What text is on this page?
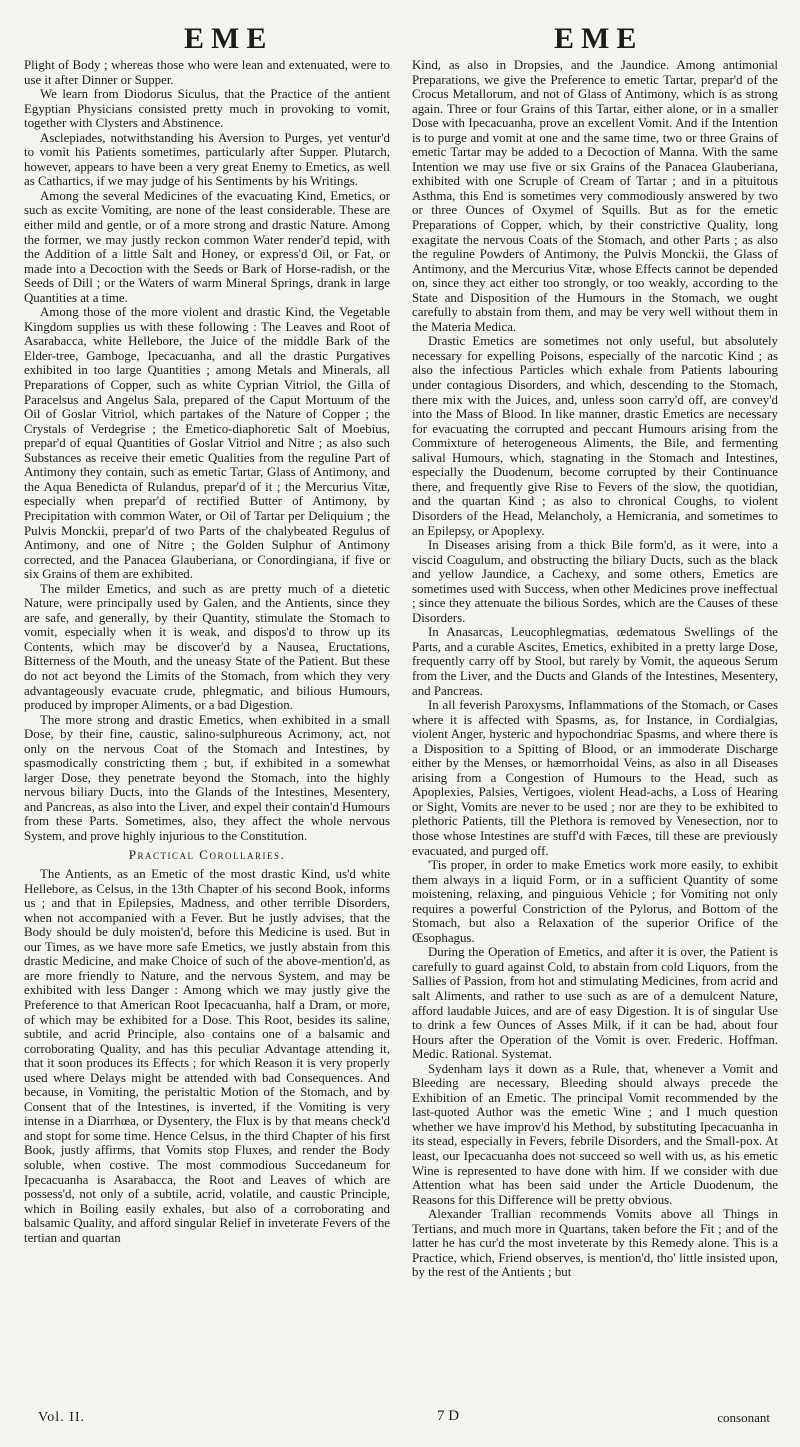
EME	EME

Plight of Body ; whereas those who were lean and extenuated, were to use it after Dinner or Supper.

We learn from Diodorus Siculus, that the Practice of the antient Egyptian Physicians consisted pretty much in provoking to vomit, together with Clysters and Abstinence.

Asclepiades, notwithstanding his Aversion to Purges, yet ventur'd to vomit his Patients sometimes, particularly after Supper. Plutarch, however, appears to have been a very great Enemy to Emetics, as well as Cathartics, if we may judge of his Sentiments by his Writings.

Among the several Medicines of the evacuating Kind, Emetics, or such as excite Vomiting, are none of the least considerable. These are either mild and gentle, or of a more strong and drastic Nature. Among the former, we may justly reckon common Water render'd tepid, with the Addition of a little Salt and Honey, or express'd Oil, or Fat, or made into a Decoction with the Seeds or Bark of Horse-radish, or the Seeds of Dill ; or the Waters of warm Mineral Springs, drank in large Quantities at a time.

Among those of the more violent and drastic Kind, the Vegetable Kingdom supplies us with these following : The Leaves and Root of Asarabacca, white Hellebore, the Juice of the middle Bark of the Elder-tree, Gamboge, Ipecacuanha, and all the drastic Purgatives exhibited in too large Quantities ; among Metals and Minerals, all Preparations of Copper, such as white Cyprian Vitriol, the Gilla of Paracelsus and Angelus Sala, prepared of the Caput Mortuum of the Oil of Goslar Vitriol, which partakes of the Nature of Copper ; the Crystals of Verdegrise ; the Emetico-diaphoretic Salt of Moebius, prepar'd of equal Quantities of Goslar Vitriol and Nitre ; as also such Substances as receive their emetic Qualities from the reguline Part of Antimony they contain, such as emetic Tartar, Glass of Antimony, and the Aqua Benedicta of Rulandus, prepar'd of it ; the Mercurius Vitæ, especially when prepar'd of rectified Butter of Antimony, by Precipitation with common Water, or Oil of Tartar per Deliquium ; the Pulvis Monckii, prepar'd of two Parts of the chalybeated Regulus of Antimony, and one of Nitre ; the Golden Sulphur of Antimony corrected, and the Panacea Glauberiana, or Conordingiana, if five or six Grains of them are exhibited.

The milder Emetics, and such as are pretty much of a dietetic Nature, were principally used by Galen, and the Antients, since they are safe, and generally, by their Quantity, stimulate the Stomach to vomit, especially when it is weak, and dispos'd to throw up its Contents, which may be discover'd by a Nausea, Eructations, Bitterness of the Mouth, and the uneasy State of the Patient. But these do not act beyond the Limits of the Stomach, from which they very advantageously evacuate crude, phlegmatic, and bilious Humours, produced by improper Aliments, or a bad Digestion.

The more strong and drastic Emetics, when exhibited in a small Dose, by their fine, caustic, salino-sulphureous Acrimony, act, not only on the nervous Coat of the Stomach and Intestines, by spasmodically constricting them ; but, if exhibited in a somewhat larger Dose, they penetrate beyond the Stomach, into the highly nervous biliary Ducts, into the Glands of the Intestines, Mesentery, and Pancreas, as also into the Liver, and expel their contain'd Humours from these Parts. Sometimes, also, they affect the whole nervous System, and prove highly injurious to the Constitution.

Practical Corollaries.

The Antients, as an Emetic of the most drastic Kind, us'd white Hellebore, as Celsus, in the 13th Chapter of his second Book, informs us ; and that in Epilepsies, Madness, and other terrible Disorders, when not accompanied with a Fever. But he justly advises, that the Body should be duly moisten'd, before this Medicine is used. But in our Times, as we have more safe Emetics, we justly abstain from this drastic Medicine, and make Choice of such of the above-mention'd, as are more friendly to Nature, and the nervous System, and may be exhibited with less Danger : Among which we may justly give the Preference to that American Root Ipecacuanha, half a Dram, or more, of which may be exhibited for a Dose. This Root, besides its saline, subtile, and acrid Principle, also contains one of a balsamic and corroborating Quality, and has this peculiar Advantage attending it, that it soon produces its Effects ; for which Reason it is very properly used where Delays might be attended with bad Consequences. And because, in Vomiting, the peristaltic Motion of the Stomach, and by Consent that of the Intestines, is inverted, if the Vomiting is very intense in a Diarrhœa, or Dysentery, the Flux is by that means check'd and stopt for some time. Hence Celsus, in the third Chapter of his first Book, justly affirms, that Vomits stop Fluxes, and render the Body soluble, when costive. The most commodious Succedaneum for Ipecacuanha is Asarabacca, the Root and Leaves of which are possess'd, not only of a subtile, acrid, volatile, and caustic Principle, which in Boiling easily exhales, but also of a corroborating and balsamic Quality, and afford singular Relief in inveterate Fevers of the tertian and quartan

Kind, as also in Dropsies, and the Jaundice. Among antimonial Preparations, we give the Preference to emetic Tartar, prepar'd of the Crocus Metallorum, and not of Glass of Antimony, which is as strong again. Three or four Grains of this Tartar, either alone, or in a smaller Dose with Ipecacuanha, prove an excellent Vomit. And if the Intention is to purge and vomit at one and the same time, two or three Grains of emetic Tartar may be added to a Decoction of Manna. With the same Intention we may use five or six Grains of the Panacea Glauberiana, exhibited with one Scruple of Cream of Tartar ; and in a pituitous Asthma, this End is sometimes very commodiously answered by two or three Ounces of Oxymel of Squills. But as for the emetic Preparations of Copper, which, by their constrictive Quality, long exagitate the nervous Coats of the Stomach, and other Parts ; as also the reguline Powders of Antimony, the Pulvis Monckii, the Glass of Antimony, and the Mercurius Vitæ, whose Effects cannot be depended on, since they act either too strongly, or too weakly, according to the State and Disposition of the Humours in the Stomach, we ought carefully to abstain from them, and may be very well without them in the Materia Medica.

Drastic Emetics are sometimes not only useful, but absolutely necessary for expelling Poisons, especially of the narcotic Kind ; as also the infectious Particles which exhale from Patients labouring under contagious Disorders, and which, descending to the Stomach, there mix with the Juices, and, unless soon carry'd off, are convey'd into the Mass of Blood. In like manner, drastic Emetics are necessary for evacuating the corrupted and peccant Humours arising from the Commixture of heterogeneous Aliments, the Bile, and fermenting salival Humours, which, stagnating in the Stomach and Intestines, especially the Duodenum, become corrupted by their Continuance there, and frequently give Rise to Fevers of the slow, the quotidian, and the quartan Kind ; as also to chronical Coughs, to violent Disorders of the Head, Melancholy, a Hemicrania, and sometimes to an Epilepsy, or Apoplexy.

In Diseases arising from a thick Bile form'd, as it were, into a viscid Coagulum, and obstructing the biliary Ducts, such as the black and yellow Jaundice, a Cachexy, and some others, Emetics are sometimes used with Success, when other Medicines prove ineffectual ; since they attenuate the bilious Sordes, which are the Causes of these Disorders.

In Anasarcas, Leucophlegmatias, œdematous Swellings of the Parts, and a curable Ascites, Emetics, exhibited in a pretty large Dose, frequently carry off by Stool, but rarely by Vomit, the aqueous Serum from the Liver, and the Ducts and Glands of the Intestines, Mesentery, and Pancreas.

In all feverish Paroxysms, Inflammations of the Stomach, or Cases where it is affected with Spasms, as, for Instance, in Cordialgias, violent Anger, hysteric and hypochondriac Spasms, and where there is a Disposition to a Spitting of Blood, or an immoderate Discharge either by the Menses, or hæmorrhoidal Veins, as also in all Diseases arising from a Congestion of Humours to the Head, such as Apoplexies, Palsies, Vertigoes, violent Head-achs, a Loss of Hearing or Sight, Vomits are never to be used ; nor are they to be exhibited to plethoric Patients, till the Plethora is removed by Venesection, nor to those whose Intestines are stuff'd with Fæces, till these are previously evacuated, and purged off.

'Tis proper, in order to make Emetics work more easily, to exhibit them always in a liquid Form, or in a sufficient Quantity of some moistening, relaxing, and pinguious Vehicle ; for Vomiting not only requires a powerful Constriction of the Pylorus, and Bottom of the Stomach, but also a Relaxation of the superior Orifice of the Œsophagus.

During the Operation of Emetics, and after it is over, the Patient is carefully to guard against Cold, to abstain from cold Liquors, from the Sallies of Passion, from hot and stimulating Medicines, from acrid and salt Aliments, and rather to use such as are of a demulcent Nature, afford laudable Juices, and are of easy Digestion. It is of singular Use to drink a few Ounces of Asses Milk, if it can be had, about four Hours after the Operation of the Vomit is over. Frederic. Hoffman. Medic. Rational. Systemat.

Sydenham lays it down as a Rule, that, whenever a Vomit and Bleeding are necessary, Bleeding should always precede the Exhibition of an Emetic. The principal Vomit recommended by the last-quoted Author was the emetic Wine ; and I much question whether we have improv'd his Method, by substituting Ipecacuanha in its stead, especially in Fevers, febrile Disorders, and the Small-pox. At least, our Ipecacuanha does not succeed so well with us, as his emetic Wine is represented to have done with him. If we consider with due Attention what has been said under the Article Duodenum, the Reasons for this Difference will be pretty obvious.

Alexander Trallian recommends Vomits above all Things in Tertians, and much more in Quartans, taken before the Fit ; and of the latter he has cur'd the most inveterate by this Remedy alone. This is a Practice, which, Friend observes, is mention'd, tho' little insisted upon, by the rest of the Antients ; but

Vol. II.	7 D	consonant
